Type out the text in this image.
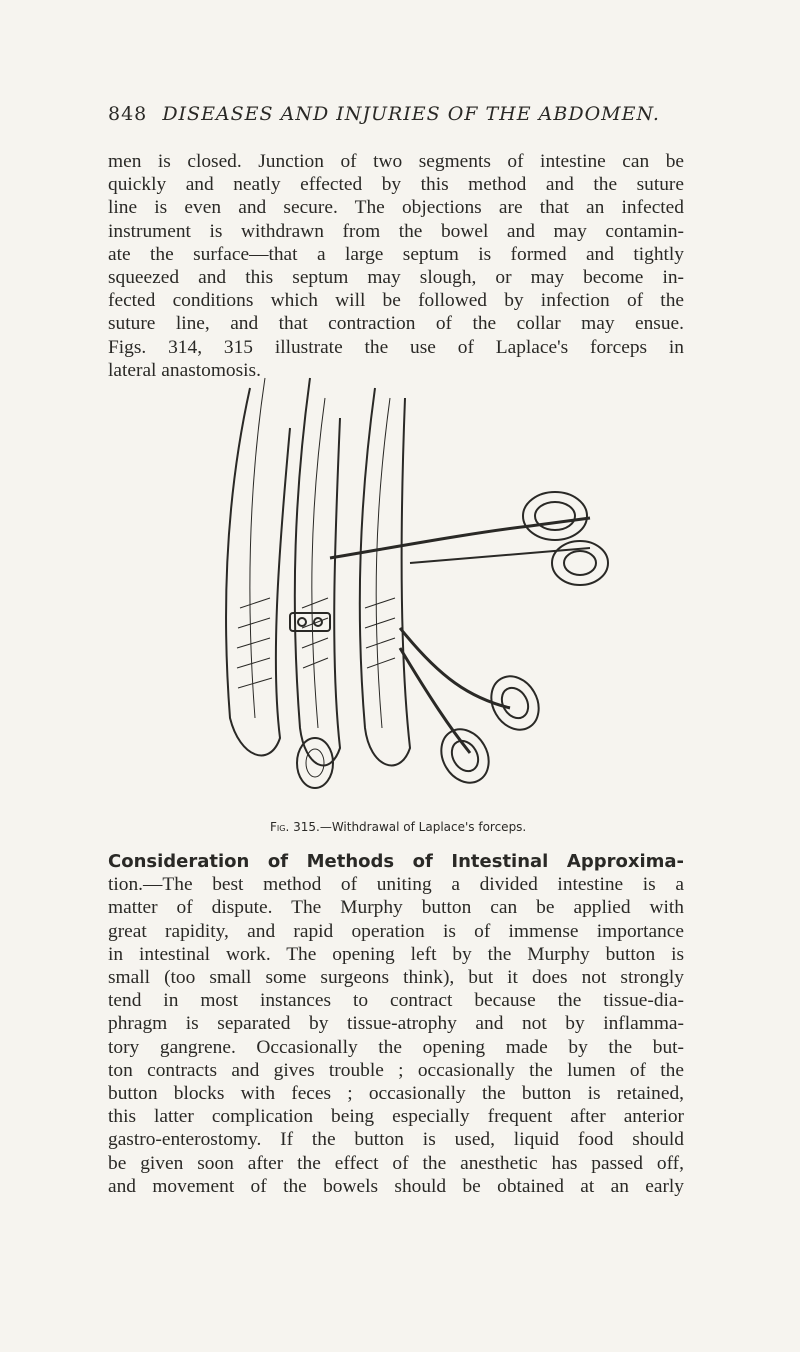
848 DISEASES AND INJURIES OF THE ABDOMEN.
men is closed. Junction of two segments of intestine can be
quickly and neatly effected by this method and the suture
line is even and secure. The objections are that an infected
instrument is withdrawn from the bowel and may contamin-
ate the surface—that a large septum is formed and tightly
squeezed and this septum may slough, or may become in-
fected conditions which will be followed by infection of the
suture line, and that contraction of the collar may ensue.
Figs. 314, 315 illustrate the use of Laplace's forceps in
lateral anastomosis.
Fig. 315.—Withdrawal of Laplace's forceps.
Consideration of Methods of Intestinal Approxima-
tion.—The best method of uniting a divided intestine is a
matter of dispute. The Murphy button can be applied with
great rapidity, and rapid operation is of immense importance
in intestinal work. The opening left by the Murphy button is
small (too small some surgeons think), but it does not strongly
tend in most instances to contract because the tissue-dia-
phragm is separated by tissue-atrophy and not by inflamma-
tory gangrene. Occasionally the opening made by the but-
ton contracts and gives trouble ; occasionally the lumen of the
button blocks with feces ; occasionally the button is retained,
this latter complication being especially frequent after anterior
gastro-enterostomy. If the button is used, liquid food should
be given soon after the effect of the anesthetic has passed off,
and movement of the bowels should be obtained at an early
